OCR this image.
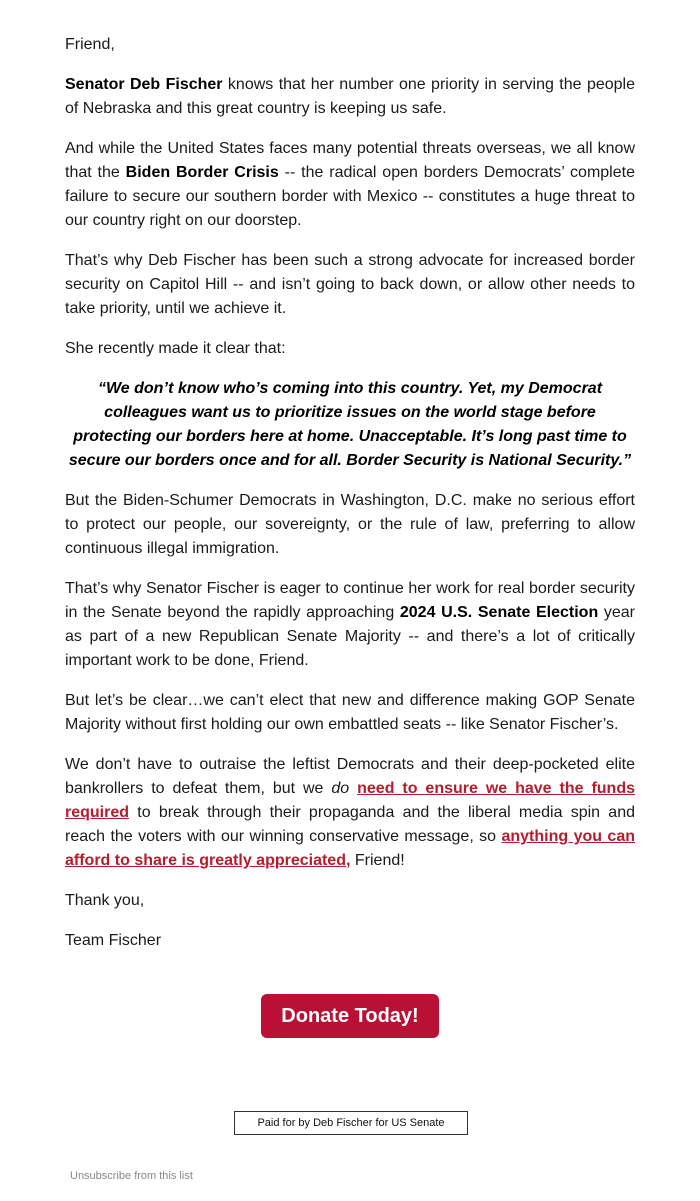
Friend,

Senator Deb Fischer knows that her number one priority in serving the people of Nebraska and this great country is keeping us safe.

And while the United States faces many potential threats overseas, we all know that the Biden Border Crisis -- the radical open borders Democrats’ complete failure to secure our southern border with Mexico -- constitutes a huge threat to our country right on our doorstep.

That’s why Deb Fischer has been such a strong advocate for increased border security on Capitol Hill -- and isn’t going to back down, or allow other needs to take priority, until we achieve it.

She recently made it clear that:

“We don’t know who’s coming into this country. Yet, my Democrat colleagues want us to prioritize issues on the world stage before protecting our borders here at home. Unacceptable. It’s long past time to secure our borders once and for all. Border Security is National Security.”

But the Biden-Schumer Democrats in Washington, D.C. make no serious effort to protect our people, our sovereignty, or the rule of law, preferring to allow continuous illegal immigration.

That’s why Senator Fischer is eager to continue her work for real border security in the Senate beyond the rapidly approaching 2024 U.S. Senate Election year as part of a new Republican Senate Majority -- and there’s a lot of critically important work to be done, Friend.

But let’s be clear…we can’t elect that new and difference making GOP Senate Majority without first holding our own embattled seats -- like Senator Fischer’s.

We don’t have to outraise the leftist Democrats and their deep-pocketed elite bankrollers to defeat them, but we do need to ensure we have the funds required to break through their propaganda and the liberal media spin and reach the voters with our winning conservative message, so anything you can afford to share is greatly appreciated, Friend!

Thank you,

Team Fischer

Donate Today!
Paid for by Deb Fischer for US Senate
Unsubscribe from this list
